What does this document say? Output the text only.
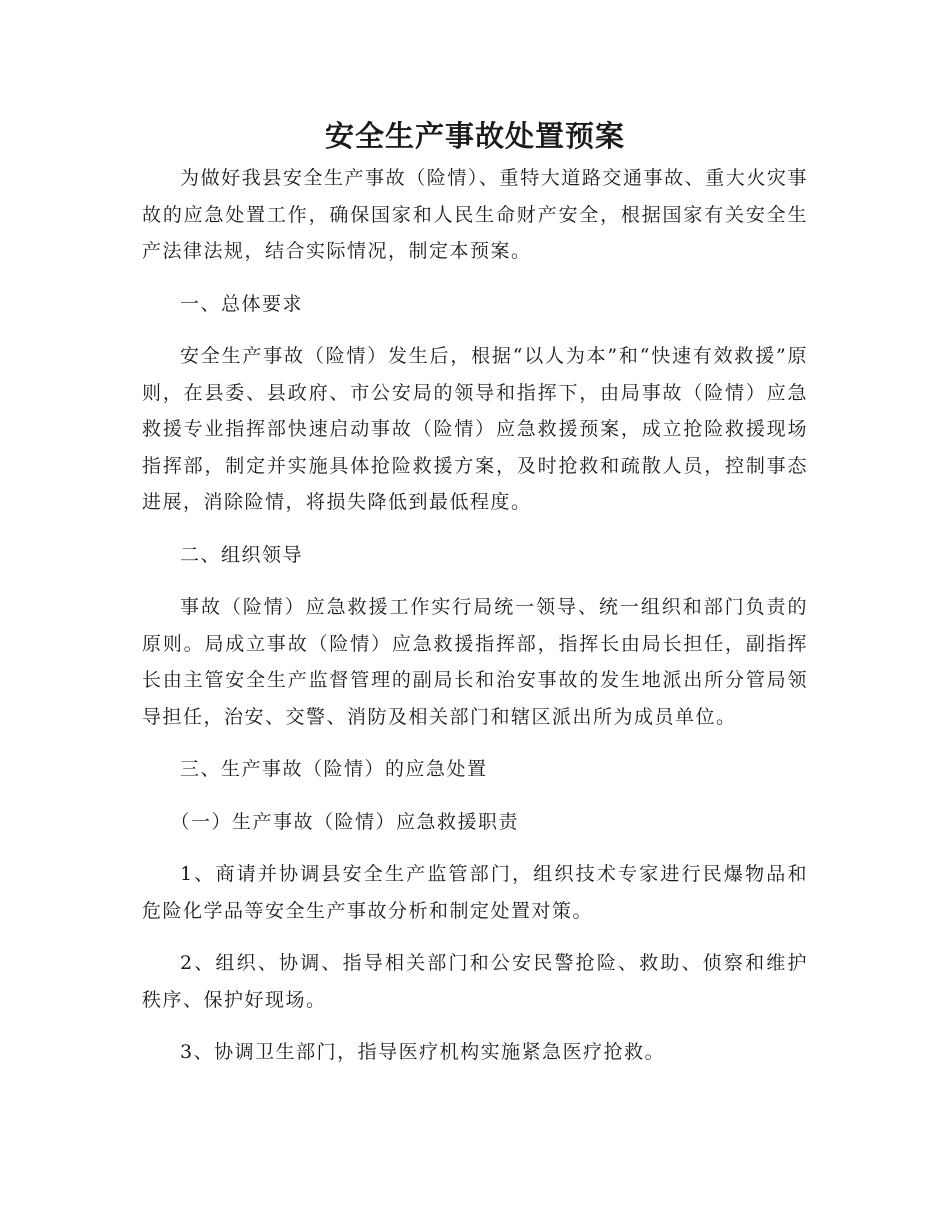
安全生产事故处置预案

为做好我县安全生产事故（险情）、重特大道路交通事故、重大火灾事故的应急处置工作，确保国家和人民生命财产安全，根据国家有关安全生产法律法规，结合实际情况，制定本预案。

一、总体要求

安全生产事故（险情）发生后，根据“以人为本”和“快速有效救援”原则，在县委、县政府、市公安局的领导和指挥下，由局事故（险情）应急救援专业指挥部快速启动事故（险情）应急救援预案，成立抢险救援现场指挥部，制定并实施具体抢险救援方案，及时抢救和疏散人员，控制事态进展，消除险情，将损失降低到最低程度。

二、组织领导

事故（险情）应急救援工作实行局统一领导、统一组织和部门负责的原则。局成立事故（险情）应急救援指挥部，指挥长由局长担任，副指挥长由主管安全生产监督管理的副局长和治安事故的发生地派出所分管局领导担任，治安、交警、消防及相关部门和辖区派出所为成员单位。

三、生产事故（险情）的应急处置

（一）生产事故（险情）应急救援职责

1、商请并协调县安全生产监管部门，组织技术专家进行民爆物品和危险化学品等安全生产事故分析和制定处置对策。

2、组织、协调、指导相关部门和公安民警抢险、救助、侦察和维护秩序、保护好现场。

3、协调卫生部门，指导医疗机构实施紧急医疗抢救。
